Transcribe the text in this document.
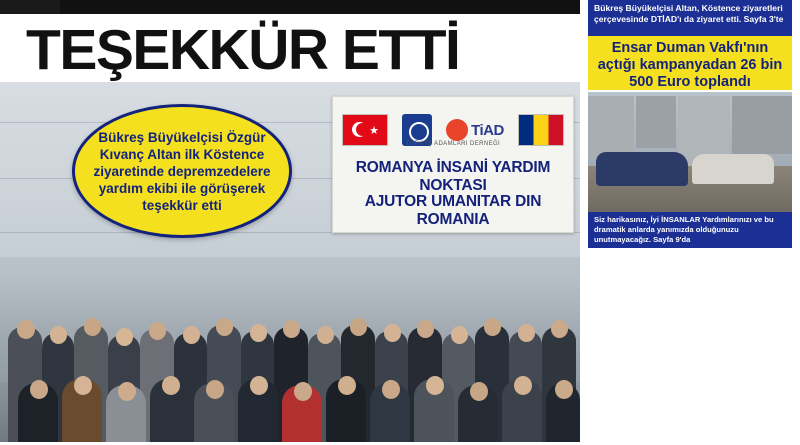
TEŞEKKÜR ETTİ
★	TiAD
TÜRK İŞ ADAMLARI DERNEĞİ
ROMANYA İNSANİ YARDIM NOKTASI
AJUTOR UMANITAR DIN ROMANIA
Bükreş Büyükelçisi Özgür Kıvanç Altan ilk Köstence ziyaretinde depremzedelere yardım ekibi ile görüşerek teşekkür etti
Bükreş Büyükelçisi Altan, Köstence ziyaretleri çerçevesinde DTİAD'ı da ziyaret etti. Sayfa 3'te
Ensar Duman Vakfı'nın açtığı kampanyadan 26 bin 500 Euro toplandı
Siz harikasınız, İyi İNSANLAR Yardımlarınızı ve bu dramatik anlarda yanımızda olduğunuzu unutmayacağız. Sayfa 9'da
